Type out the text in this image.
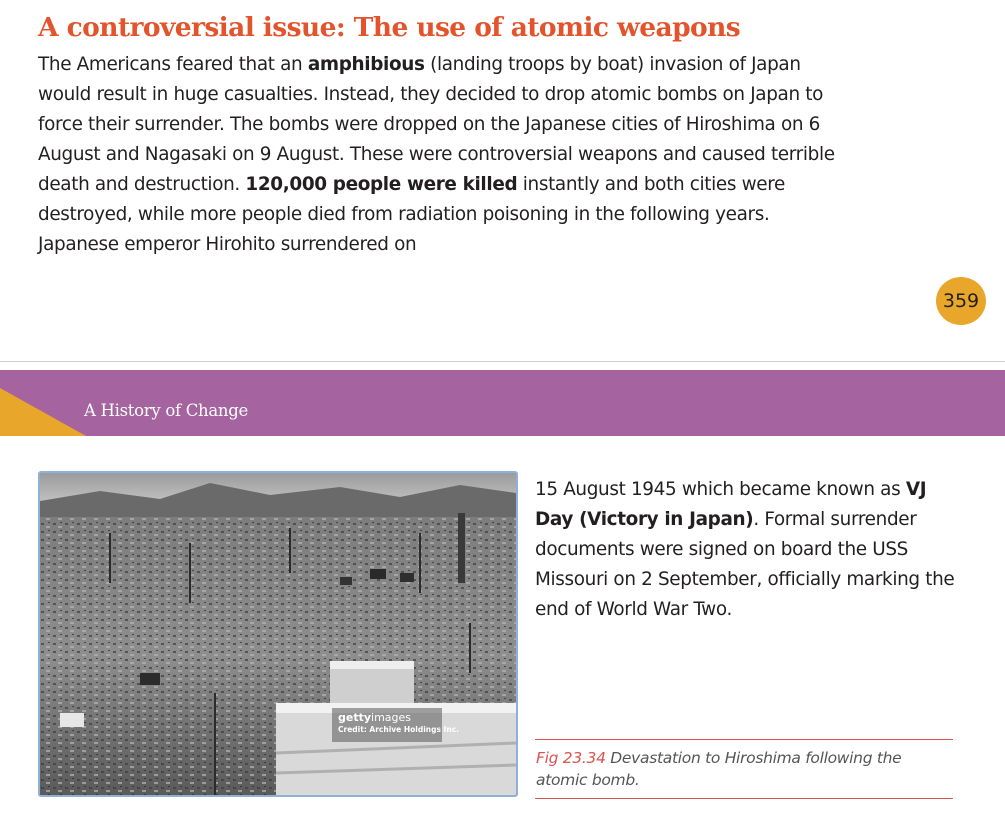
A controversial issue: The use of atomic weapons

The Americans feared that an amphibious (landing troops by boat) invasion of Japan would result in huge casualties. Instead, they decided to drop atomic bombs on Japan to force their surrender. The bombs were dropped on the Japanese cities of Hiroshima on 6 August and Nagasaki on 9 August. These were controversial weapons and caused terrible death and destruction. 120,000 people were killed instantly and both cities were destroyed, while more people died from radiation poisoning in the following years. Japanese emperor Hirohito surrendered on

359

A History of Change

gettyimages
Credit: Archive Holdings Inc.

15 August 1945 which became known as VJ Day (Victory in Japan). Formal surrender documents were signed on board the USS Missouri on 2 September, officially marking the end of World War Two.

Fig 23.34 Devastation to Hiroshima following the atomic bomb.
